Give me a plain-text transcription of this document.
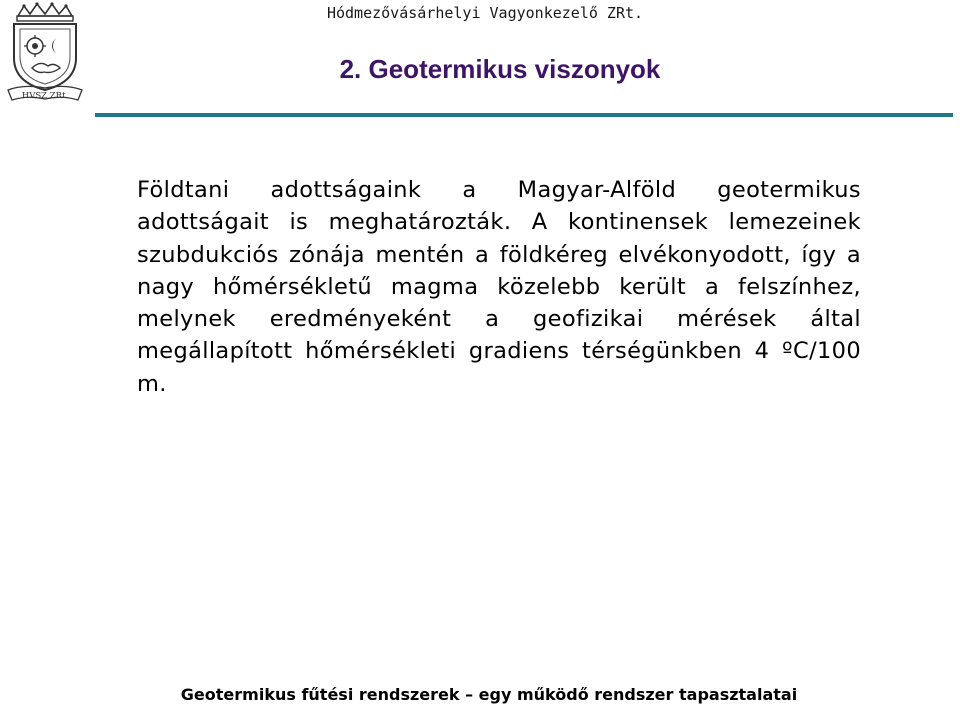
HVSZ ZRt.
Hódmezővásárhelyi Vagyonkezelő ZRt.
2. Geotermikus viszonyok

Földtani adottságaink a Magyar-Alföld geotermikus adottságait is meghatározták. A kontinensek lemezeinek szubdukciós zónája mentén a földkéreg elvékonyodott, így a nagy hőmérsékletű magma közelebb került a felszínhez, melynek eredményeként a geofizikai mérések által megállapított hőmérsékleti gradiens térségünkben 4 ºC/100 m.

Geotermikus fűtési rendszerek – egy működő rendszer tapasztalatai
